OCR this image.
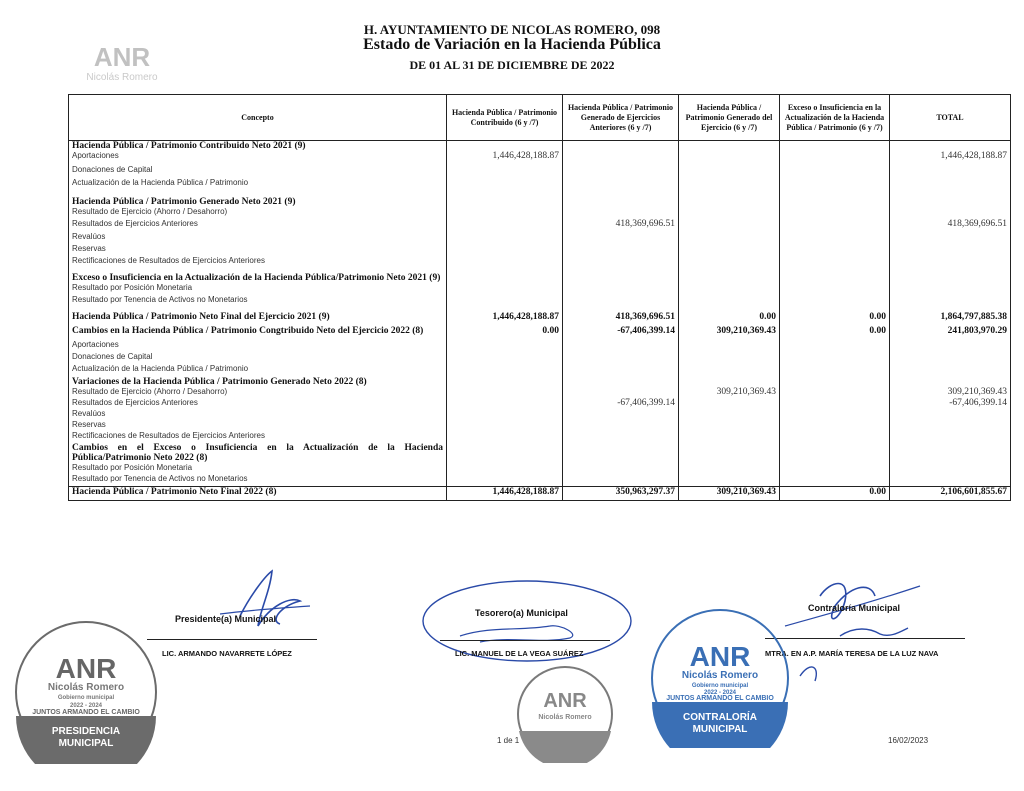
H. AYUNTAMIENTO DE NICOLAS ROMERO, 098
Estado de Variación en la Hacienda Pública
DE 01 AL 31 DE DICIEMBRE DE 2022
ANR
Nicolás Romero
Concepto	Hacienda Pública / Patrimonio Contribuido (6 y /7)	Hacienda Pública / Patrimonio Generado de Ejercicios Anteriores (6 y /7)	Hacienda Pública / Patrimonio Generado del Ejercicio (6 y /7)	Exceso o Insuficiencia en la Actualización de la Hacienda Pública / Patrimonio (6 y /7)	TOTAL
Hacienda Pública / Patrimonio Contribuido Neto 2021 (9)					
Aportaciones	1,446,428,188.87				1,446,428,188.87
Donaciones de Capital					
Actualización de la Hacienda Pública / Patrimonio					
Hacienda Pública / Patrimonio Generado Neto 2021 (9)					
Resultado de Ejercicio (Ahorro / Desahorro)					
Resultados de Ejercicios Anteriores		418,369,696.51			418,369,696.51
Revalúos					
Reservas					
Rectificaciones de Resultados de Ejercicios Anteriores					
Exceso o Insuficiencia en la Actualización de la Hacienda Pública/Patrimonio Neto 2021 (9)					
Resultado por Posición Monetaria					
Resultado por Tenencia de Activos no Monetarios					
Hacienda Pública / Patrimonio Neto Final del Ejercicio 2021 (9)	1,446,428,188.87	418,369,696.51	0.00	0.00	1,864,797,885.38
Cambios en la Hacienda Pública / Patrimonio Congtribuido Neto del Ejercicio 2022 (8)	0.00	-67,406,399.14	309,210,369.43	0.00	241,803,970.29
Aportaciones					
Donaciones de Capital					
Actualización de la Hacienda Pública / Patrimonio					
Variaciones de la Hacienda Pública / Patrimonio Generado Neto 2022 (8)					
Resultado de Ejercicio (Ahorro / Desahorro)			309,210,369.43		309,210,369.43
Resultados de Ejercicios Anteriores		-67,406,399.14			-67,406,399.14
Revalúos					
Reservas					
Rectificaciones de Resultados de Ejercicios Anteriores					
Cambios en el Exceso o Insuficiencia en la Actualización de la Hacienda Pública/Patrimonio Neto 2022 (8)					
Resultado por Posición Monetaria					
Resultado por Tenencia de Activos no Monetarios					
Hacienda Pública / Patrimonio Neto Final 2022 (8)	1,446,428,188.87	350,963,297.37	309,210,369.43	0.00	2,106,601,855.67
Presidente(a) Municipal
LIC. ARMANDO NAVARRETE LÓPEZ
Tesorero(a) Municipal
LIC. MANUEL DE LA VEGA SUÁREZ
Contraloría Municipal
MTRA. EN A.P. MARÍA TERESA DE LA LUZ NAVA
ANR
Nicolás Romero
Gobierno municipal
2022 - 2024
JUNTOS ARMANDO EL CAMBIO
PRESIDENCIA
MUNICIPAL
ANR
Nicolás Romero
ANR
Nicolás Romero
Gobierno municipal
2022 - 2024
JUNTOS ARMANDO EL CAMBIO
CONTRALORÍA
MUNICIPAL
1 de 1	16/02/2023
